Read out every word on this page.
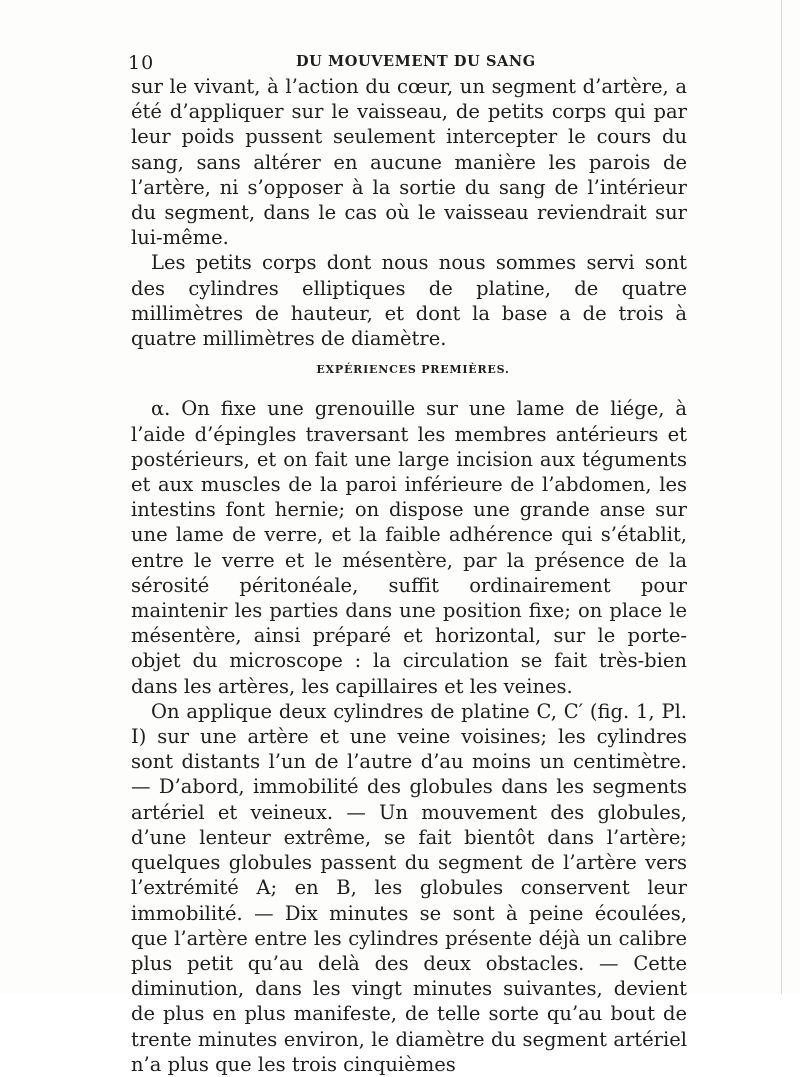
10	DU MOUVEMENT DU SANG

sur le vivant, à l’action du cœur, un segment d’artère, a été d’appliquer sur le vaisseau, de petits corps qui par leur poids pussent seulement intercepter le cours du sang, sans altérer en aucune manière les parois de l’artère, ni s’opposer à la sortie du sang de l’intérieur du segment, dans le cas où le vaisseau reviendrait sur lui-même.

Les petits corps dont nous nous sommes servi sont des cylindres elliptiques de platine, de quatre millimètres de hauteur, et dont la base a de trois à quatre millimètres de diamètre.

EXPÉRIENCES PREMIÈRES.

α. On fixe une grenouille sur une lame de liége, à l’aide d’épingles traversant les membres antérieurs et postérieurs, et on fait une large incision aux téguments et aux muscles de la paroi inférieure de l’abdomen, les intestins font hernie; on dispose une grande anse sur une lame de verre, et la faible adhérence qui s’établit, entre le verre et le mésentère, par la présence de la sérosité péritonéale, suffit ordinairement pour maintenir les parties dans une position fixe; on place le mésentère, ainsi préparé et horizontal, sur le porte-objet du microscope : la circulation se fait très-bien dans les artères, les capillaires et les veines.

On applique deux cylindres de platine C, C′ (fig. 1, Pl. I) sur une artère et une veine voisines; les cylindres sont distants l’un de l’autre d’au moins un centimètre. — D’abord, immobilité des globules dans les segments artériel et veineux. — Un mouvement des globules, d’une lenteur extrême, se fait bientôt dans l’artère; quelques globules passent du segment de l’artère vers l’extrémité A; en B, les globules conservent leur immobilité. — Dix minutes se sont à peine écoulées, que l’artère entre les cylindres présente déjà un calibre plus petit qu’au delà des deux obstacles. — Cette diminution, dans les vingt minutes suivantes, devient de plus en plus manifeste, de telle sorte qu’au bout de trente minutes environ, le diamètre du segment artériel n’a plus que les trois cinquièmes
